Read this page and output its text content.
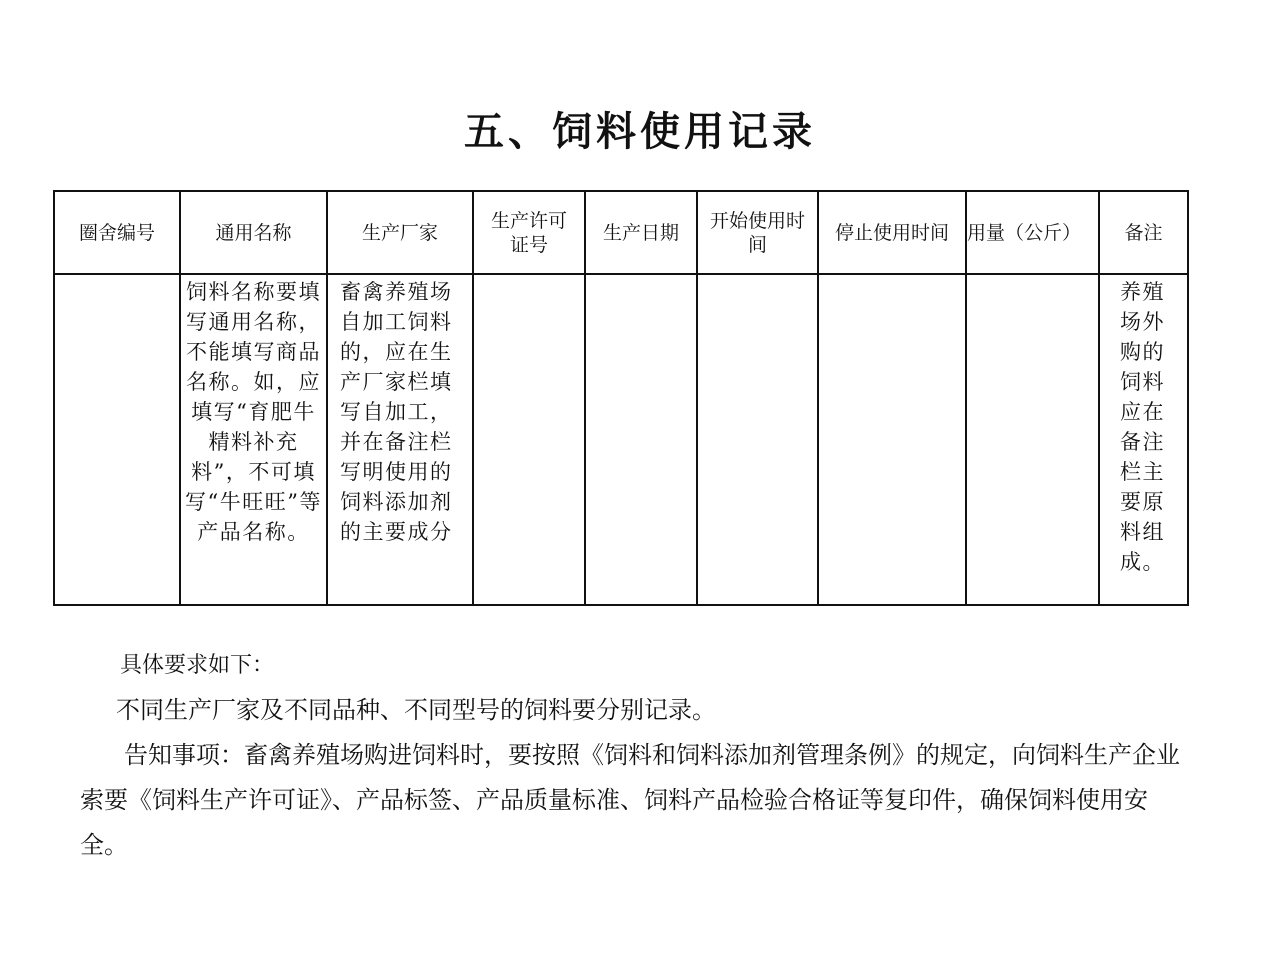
五、饲料使用记录
圈舍编号	通用名称	生产厂家	生产许可证号	生产日期	开始使用时间	停止使用时间	用量（公斤）	备注
	饲料名称要填写通用名称，不能填写商品名称。如，应填写“育肥牛精料补充料”，不可填写“牛旺旺”等产品名称。	畜禽养殖场自加工饲料的，应在生产厂家栏填写自加工，并在备注栏写明使用的饲料添加剂的主要成分						养殖场外购的饲料应在备注栏主要原料组成。
具体要求如下：
不同生产厂家及不同品种、不同型号的饲料要分别记录。
告知事项：畜禽养殖场购进饲料时，要按照《饲料和饲料添加剂管理条例》的规定，向饲料生产企业索要《饲料生产许可证》、产品标签、产品质量标准、饲料产品检验合格证等复印件，确保饲料使用安全。
